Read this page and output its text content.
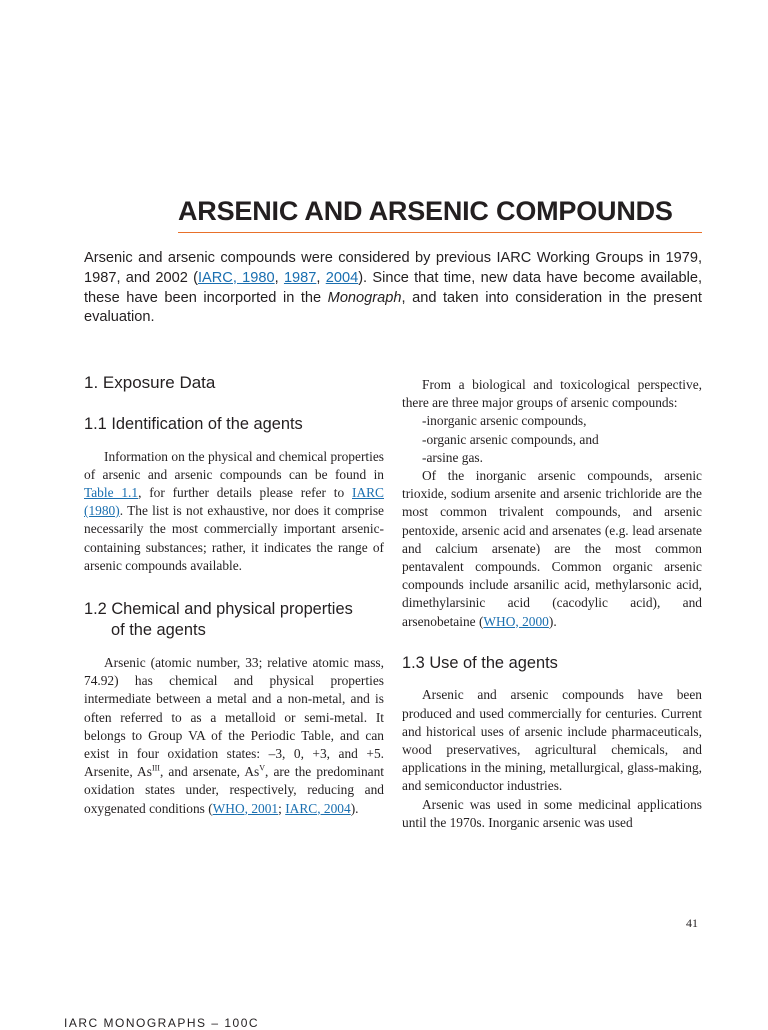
ARSENIC AND ARSENIC COMPOUNDS

Arsenic and arsenic compounds were considered by previous IARC Working Groups in 1979, 1987, and 2002 (IARC, 1980, 1987, 2004). Since that time, new data have become available, these have been incorported in the Monograph, and taken into consideration in the present evaluation.

1. Exposure Data
1.1 Identification of the agents

Information on the physical and chemical properties of arsenic and arsenic compounds can be found in Table 1.1, for further details please refer to IARC (1980). The list is not exhaustive, nor does it comprise necessarily the most commercially important arsenic-containing substances; rather, it indicates the range of arsenic compounds available.

1.2 Chemical and physical properties
of the agents

Arsenic (atomic number, 33; relative atomic mass, 74.92) has chemical and physical properties intermediate between a metal and a non-metal, and is often referred to as a metalloid or semi-metal. It belongs to Group VA of the Periodic Table, and can exist in four oxidation states: –3, 0, +3, and +5. Arsenite, $As^{III}$, and arsenate, $As^V$, are the predominant oxidation states under, respectively, reducing and oxygenated conditions (WHO, 2001; IARC, 2004).

From a biological and toxicological perspective, there are three major groups of arsenic compounds:

-inorganic arsenic compounds,
-organic arsenic compounds, and
-arsine gas.

Of the inorganic arsenic compounds, arsenic trioxide, sodium arsenite and arsenic trichloride are the most common trivalent compounds, and arsenic pentoxide, arsenic acid and arsenates (e.g. lead arsenate and calcium arsenate) are the most common pentavalent compounds. Common organic arsenic compounds include arsanilic acid, methylarsonic acid, dimethylarsinic acid (cacodylic acid), and arsenobetaine (WHO, 2000).

1.3 Use of the agents

Arsenic and arsenic compounds have been produced and used commercially for centuries. Current and historical uses of arsenic include pharmaceuticals, wood preservatives, agricultural chemicals, and applications in the mining, metallurgical, glass-making, and semiconductor industries.

Arsenic was used in some medicinal applications until the 1970s. Inorganic arsenic was used

41
IARC MONOGRAPHS – 100C
